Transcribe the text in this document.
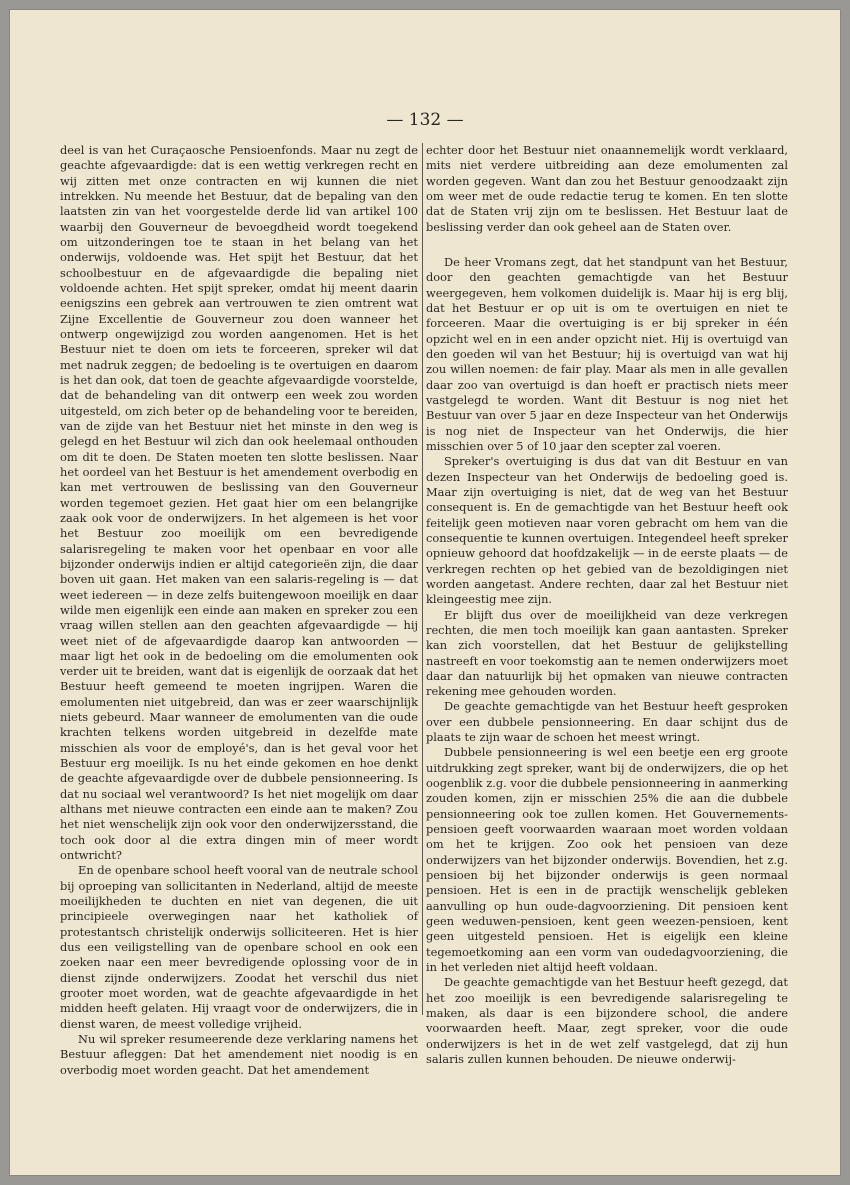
— 132 —

deel is van het Curaçaosche Pensioenfonds. Maar nu zegt de geachte afgevaardigde: dat is een wettig verkregen recht en wij zitten met onze contracten en wij kunnen die niet intrekken. Nu meende het Bestuur, dat de bepaling van den laatsten zin van het voorgestelde derde lid van artikel 100 waarbij den Gouverneur de bevoegdheid wordt toegekend om uitzonderingen toe te staan in het belang van het onderwijs, voldoende was. Het spijt het Bestuur, dat het schoolbestuur en de afgevaardigde die bepaling niet voldoende achten. Het spijt spreker, omdat hij meent daarin eenigszins een gebrek aan vertrouwen te zien omtrent wat Zijne Excellentie de Gouverneur zou doen wanneer het ontwerp ongewijzigd zou worden aangenomen. Het is het Bestuur niet te doen om iets te forceeren, spreker wil dat met nadruk zeggen; de bedoeling is te overtuigen en daarom is het dan ook, dat toen de geachte afgevaardigde voorstelde, dat de behandeling van dit ontwerp een week zou worden uitgesteld, om zich beter op de behandeling voor te bereiden, van de zijde van het Bestuur niet het minste in den weg is gelegd en het Bestuur wil zich dan ook heelemaal onthouden om dit te doen. De Staten moeten ten slotte beslissen. Naar het oordeel van het Bestuur is het amendement overbodig en kan met vertrouwen de beslissing van den Gouverneur worden tegemoet gezien. Het gaat hier om een belangrijke zaak ook voor de onderwijzers. In het algemeen is het voor het Bestuur zoo moeilijk om een bevredigende salarisregeling te maken voor het openbaar en voor alle bijzonder onderwijs indien er altijd categorieën zijn, die daar boven uit gaan. Het maken van een salaris-regeling is — dat weet iedereen — in deze zelfs buitengewoon moeilijk en daar wilde men eigenlijk een einde aan maken en spreker zou een vraag willen stellen aan den geachten afgevaardigde — hij weet niet of de afgevaardigde daarop kan antwoorden — maar ligt het ook in de bedoeling om die emolumenten ook verder uit te breiden, want dat is eigenlijk de oorzaak dat het Bestuur heeft gemeend te moeten ingrijpen. Waren die emolumenten niet uitgebreid, dan was er zeer waarschijnlijk niets gebeurd. Maar wanneer de emolumenten van die oude krachten telkens worden uitgebreid in dezelfde mate misschien als voor de employé's, dan is het geval voor het Bestuur erg moeilijk. Is nu het einde gekomen en hoe denkt de geachte afgevaardigde over de dubbele pensionneering. Is dat nu sociaal wel verantwoord? Is het niet mogelijk om daar althans met nieuwe contracten een einde aan te maken? Zou het niet wenschelijk zijn ook voor den onderwijzersstand, die toch ook door al die extra dingen min of meer wordt ontwricht?

En de openbare school heeft vooral van de neutrale school bij oproeping van sollicitanten in Nederland, altijd de meeste moeilijkheden te duchten en niet van degenen, die uit principieele overwegingen naar het katholiek of protestantsch christelijk onderwijs solliciteeren. Het is hier dus een veiligstelling van de openbare school en ook een zoeken naar een meer bevredigende oplossing voor de in dienst zijnde onderwijzers. Zoodat het verschil dus niet grooter moet worden, wat de geachte afgevaardigde in het midden heeft gelaten. Hij vraagt voor de onderwijzers, die in dienst waren, de meest volledige vrijheid.

Nu wil spreker resumeerende deze verklaring namens het Bestuur afleggen: Dat het amendement niet noodig is en overbodig moet worden geacht. Dat het amendement

echter door het Bestuur niet onaannemelijk wordt verklaard, mits niet verdere uitbreiding aan deze emolumenten zal worden gegeven. Want dan zou het Bestuur genoodzaakt zijn om weer met de oude redactie terug te komen. En ten slotte dat de Staten vrij zijn om te beslissen. Het Bestuur laat de beslissing verder dan ook geheel aan de Staten over.

De heer Vromans zegt, dat het standpunt van het Bestuur, door den geachten gemachtigde van het Bestuur weergegeven, hem volkomen duidelijk is. Maar hij is erg blij, dat het Bestuur er op uit is om te overtuigen en niet te forceeren. Maar die overtuiging is er bij spreker in één opzicht wel en in een ander opzicht niet. Hij is overtuigd van den goeden wil van het Bestuur; hij is overtuigd van wat hij zou willen noemen: de fair play. Maar als men in alle gevallen daar zoo van overtuigd is dan hoeft er practisch niets meer vastgelegd te worden. Want dit Bestuur is nog niet het Bestuur van over 5 jaar en deze Inspecteur van het Onderwijs is nog niet de Inspecteur van het Onderwijs, die hier misschien over 5 of 10 jaar den scepter zal voeren.

Spreker's overtuiging is dus dat van dit Bestuur en van dezen Inspecteur van het Onderwijs de bedoeling goed is. Maar zijn overtuiging is niet, dat de weg van het Bestuur consequent is. En de gemachtigde van het Bestuur heeft ook feitelijk geen motieven naar voren gebracht om hem van die consequentie te kunnen overtuigen. Integendeel heeft spreker opnieuw gehoord dat hoofdzakelijk — in de eerste plaats — de verkregen rechten op het gebied van de bezoldigingen niet worden aangetast. Andere rechten, daar zal het Bestuur niet kleingeestig mee zijn.

Er blijft dus over de moeilijkheid van deze verkregen rechten, die men toch moeilijk kan gaan aantasten. Spreker kan zich voorstellen, dat het Bestuur de gelijkstelling nastreeft en voor toekomstig aan te nemen onderwijzers moet daar dan natuurlijk bij het opmaken van nieuwe contracten rekening mee gehouden worden.

De geachte gemachtigde van het Bestuur heeft gesproken over een dubbele pensionneering. En daar schijnt dus de plaats te zijn waar de schoen het meest wringt.

Dubbele pensionneering is wel een beetje een erg groote uitdrukking zegt spreker, want bij de onderwijzers, die op het oogenblik z.g. voor die dubbele pensionneering in aanmerking zouden komen, zijn er misschien 25% die aan die dubbele pensionneering ook toe zullen komen. Het Gouvernements-pensioen geeft voorwaarden waaraan moet worden voldaan om het te krijgen. Zoo ook het pensioen van deze onderwijzers van het bijzonder onderwijs. Bovendien, het z.g. pensioen bij het bijzonder onderwijs is geen normaal pensioen. Het is een in de practijk wenschelijk gebleken aanvulling op hun oude-dagvoorziening. Dit pensioen kent geen weduwen-pensioen, kent geen weezen-pensioen, kent geen uitgesteld pensioen. Het is eigelijk een kleine tegemoetkoming aan een vorm van oudedagvoorziening, die in het verleden niet altijd heeft voldaan.

De geachte gemachtigde van het Bestuur heeft gezegd, dat het zoo moeilijk is een bevredigende salarisregeling te maken, als daar is een bijzondere school, die andere voorwaarden heeft. Maar, zegt spreker, voor die oude onderwijzers is het in de wet zelf vastgelegd, dat zij hun salaris zullen kunnen behouden. De nieuwe onderwij-
